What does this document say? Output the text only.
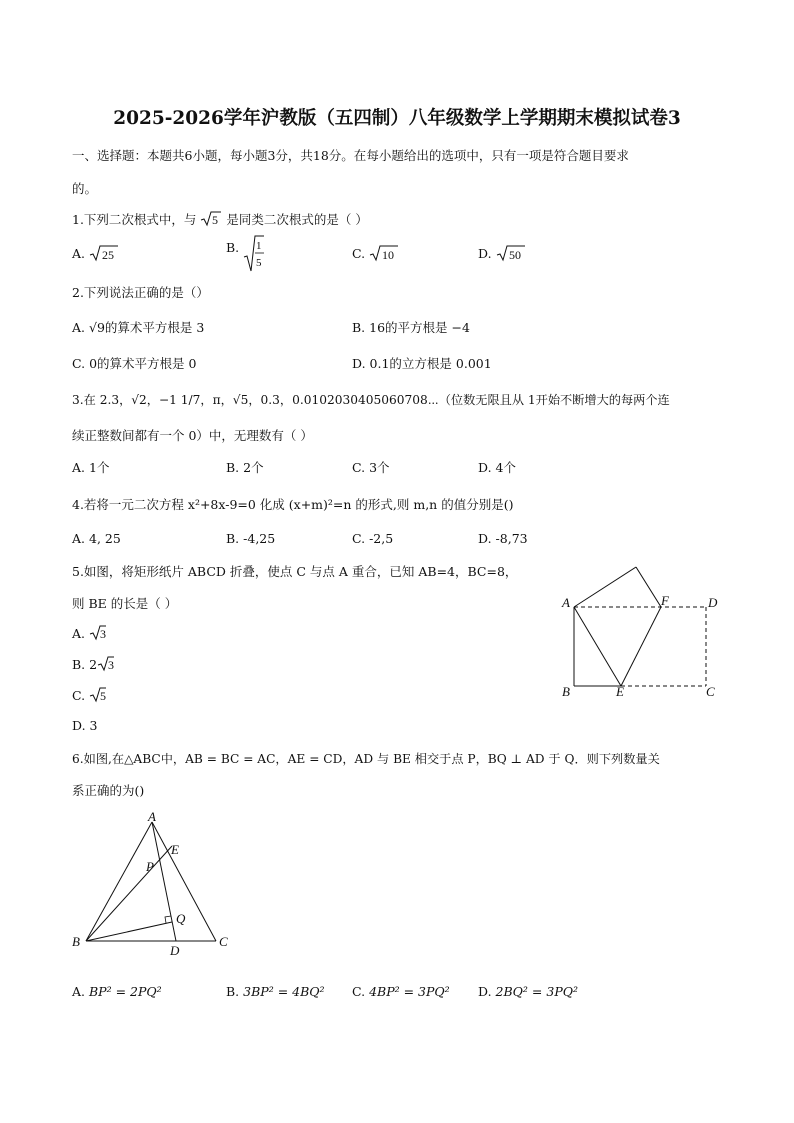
2025-2026学年沪教版（五四制）八年级数学上学期期末模拟试卷3
一、选择题：本题共6小题，每小题3分，共18分。在每小题给出的选项中，只有一项是符合题目要求
的。
1.下列二次根式中，与 5 是同类二次根式的是（ ）
A. 25
B. 1
5
C. 10	D. 50
2.下列说法正确的是（）
A. √9的算术平方根是 3	B. 16的平方根是 −4
C. 0的算术平方根是 0	D. 0.1的立方根是 0.001
3.在 2.3，√2，−1 1/7，π，√5，0.3，0.0102030405060708⋯（位数无限且从 1开始不断增大的每两个连
续正整数间都有一个 0）中，无理数有（ ）
A. 1个	B. 2个	C. 3个	D. 4个
4.若将一元二次方程 x²+8x-9=0 化成 (x+m)²=n 的形式,则 m,n 的值分别是()
A. 4, 25	B. -4,25	C. -2,5	D. -8,73
5.如图，将矩形纸片 ABCD 折叠，使点 C 与点 A 重合，已知 AB=4，BC=8，
则 BE 的长是（ ）
A. 3
B. 2 3
C. 5
D. 3
A	F	D
B	E	C
6.如图,在△ABC中，AB = BC = AC，AE = CD，AD 与 BE 相交于点 P，BQ ⊥ AD 于 Q．则下列数量关
系正确的为()
A
E
P
Q
B
D
C
A. BP² = 2PQ²	B. 3BP² = 4BQ² C. 4BP² = 3PQ² D. 2BQ² = 3PQ²
